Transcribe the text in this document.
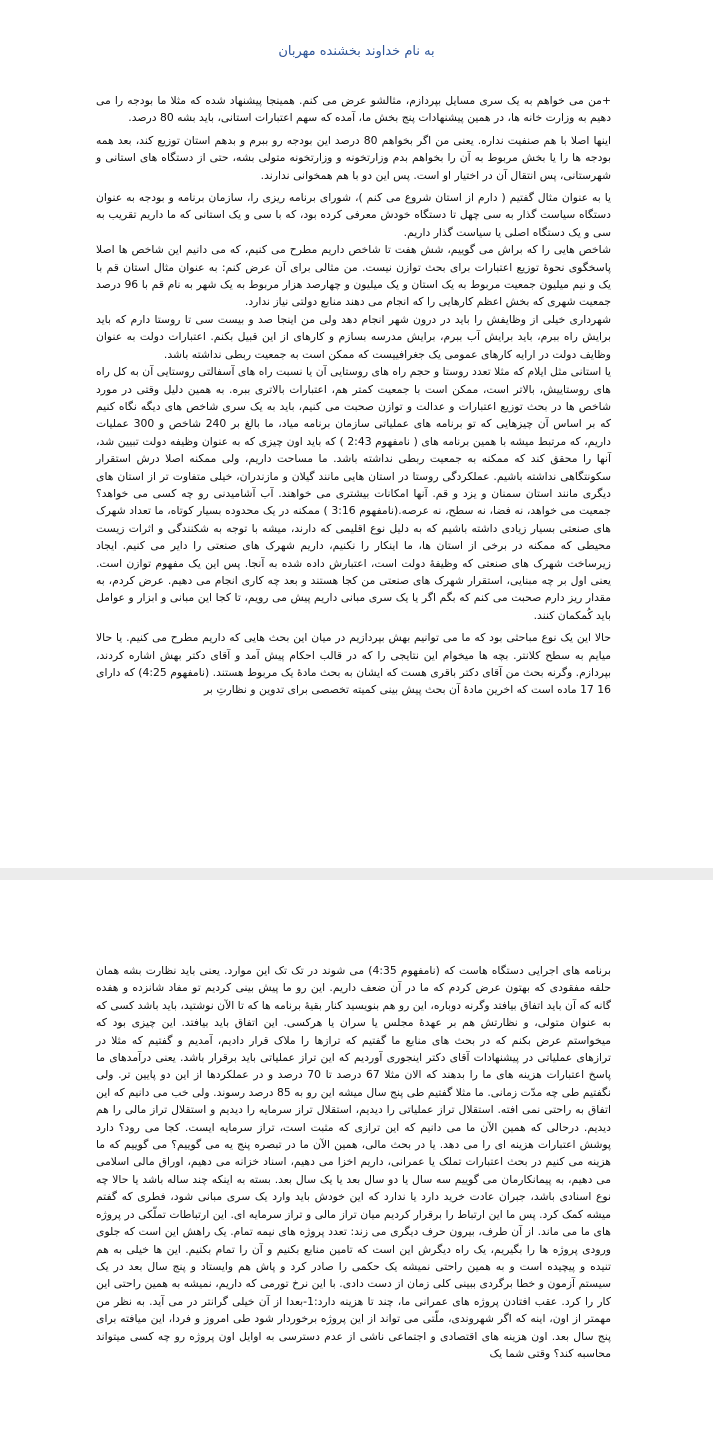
به نام خداوند بخشنده مهربان

+من می خواهم به یک سری مسایل بپردازم، مثالشو عرض می کنم. همینجا پیشنهاد شده که مثلا ما بودجه را می دهیم به وزارت خانه ها، در همین پیشنهادات پنج بخش ما، آمده که سهم اعتبارات استانی، باید بشه 80 درصد.

اینها اصلا با هم صنفیت نداره. یعنی من اگر بخواهم 80 درصد این بودجه رو ببرم و بدهم استان توزیع کند، بعد همه بودجه ها را یا بخش مربوط به آن را بخواهم بدم وزارتخونه و وزارتخونه متولی بشه، حتی از دستگاه های استانی و شهرستانی، پس انتقال آن در اختیار او است. پس این دو با هم همخوانی ندارند.

یا به عنوان مثال گفتیم ( دارم از استان شروع می کنم )، شورای برنامه ریزی را، سازمان برنامه و بودجه به عنوان دستگاه سیاست گذار به سی چهل تا دستگاه خودش معرفی کرده بود، که با سی و یک استانی که ما داریم تقریب به سی و یک دستگاه اصلی یا سیاست گذار داریم.

شاخص هایی را که براش می گوییم، شش هفت تا شاخص داریم مطرح می کنیم، که می دانیم این شاخص ها اصلا پاسخگوی نحوهٔ توزیع اعتبارات برای بحث توازن نیست. من مثالی برای آن عرض کنم: به عنوان مثال استان قم با یک و نیم میلیون جمعیت مربوط به یک استان و یک میلیون و چهارصد هزار مربوط به یک شهر به نام قم با 96 درصد جمعیت شهری که بخش اعظم کارهایی را که انجام می دهند منابع دولتی نیاز ندارد.

شهرداری خیلی از وظایفش را باید در درون شهر انجام دهد ولی من اینجا صد و بیست سی تا روستا دارم که باید برایش راه ببرم، باید برایش آب ببرم، برایش مدرسه بسازم و کارهای از این قبیل بکنم. اعتبارات دولت به عنوان وظایف دولت در ارایه کارهای عمومی یک جغرافییست که ممکن است به جمعیت ربطی نداشته باشد.

یا استانی مثل ایلام که مثلا تعدد روستا و حجم راه های روستایی آن یا نسبت راه های آسفالتی روستایی آن به کل راه های روستاییش، بالاتر است، ممکن است با جمعیت کمتر هم، اعتبارات بالاتری ببره. به همین دلیل وقتی در مورد شاخص ها در بحث توزیع اعتبارات و عدالت و توازن صحبت می کنیم، باید به یک سری شاخص های دیگه نگاه کنیم که بر اساس آن چیزهایی که تو برنامه های عملیاتی سازمان برنامه میاد، ما بالغ بر 240 شاخص و 300 عملیات داریم، که مرتبط میشه با همین برنامه های ( نامفهوم 2:43 ) که باید اون چیزی که به عنوان وظیفه دولت تبیین شد، آنها را محقق کند که ممکنه به جمعیت ربطی نداشته باشد. ما مساحت داریم، ولی ممکنه اصلا درش استقرار سکونتگاهی نداشته باشیم. عملکردگی روستا در استان هایی مانند گیلان و مازندران، خیلی متفاوت تر از استان های دیگری مانند استان سمنان و یزد و قم. آنها امکانات بیشتری می خواهند. آب آشامیدنی رو چه کسی می خواهد؟ جمعیت می خواهد، نه فضا، نه سطح، نه عرصه.(نامفهوم 3:16 ) ممکنه در یک محدوده بسیار کوتاه، ما تعداد شهرک های صنعتی بسیار زیادی داشته باشیم که به دلیل نوع اقلیمی که دارند، میشه با توجه به شکنندگی و اثرات زیست محیطی که ممکنه در برخی از استان ها، ما اینکار را نکنیم، داریم شهرک های صنعتی را دایر می کنیم. ایجاد زیرساخت شهرک های صنعتی که وظیفهٔ دولت است، اعتبارش داده شده به آنجا. پس این یک مفهوم توازن است. یعنی اول بر چه مبنایی، استقرار شهرک های صنعتی من کجا هستند و بعد چه کاری انجام می دهیم. عرض کردم، به مقدار ریز دارم صحبت می کنم که بگم اگر یا یک سری مبانی داریم پیش می رویم، تا کجا این مبانی و ابزار و عوامل باید کُمکمان کنند.

حالا این یک نوع مباحثی بود که ما می توانیم بهش بپردازیم در میان این بحث هایی که داریم مطرح می کنیم. یا حالا میایم به سطح کلانتر. بچه ها میخوام این نتایجی را که در قالب احکام پیش آمد و آقای دکتر بهش اشاره کردند، بپردازم. وگرنه بحث من آقای دکتر باقری هست که ایشان به بحث مادهٔ یک مربوط هستند. (نامفهوم 4:25) که دارای 16 17 ماده است که اخرین مادهٔ آن بحث پیش بینی کمیته تخصصی برای تدوین و نظارتِ بر

برنامه های اجرایی دستگاه هاست که (نامفهوم 4:35) می شوند در تک تک این موارد. یعنی باید نظارت بشه همان حلقه مفقودی که بهتون عرض کردم که ما در آن ضعف داریم. این رو ما پیش بینی کردیم تو مفاد شانزده و هفده گانه که آن باید اتفاق بیافتد وگرنه دوباره، این رو هم بنویسید کنار بقیهٔ برنامه ها که تا الآن نوشتید، باید باشد کسی که به عنوان متولی، و نظارتش هم بر عهدهٔ مجلس یا سران یا هرکسی. این اتفاق باید بیافتد. این چیزی بود که میخواستم عرض بکنم که در بحث های منابع ما گفتیم که ترازها را ملاک قرار دادیم، آمدیم و گفتیم که مثلا در ترازهای عملیاتی در پیشنهادات آقای دکتر اینجوری آوردیم که این تراز عملیاتی باید برقرار باشد. یعنی درآمدهای ما پاسخ اعتبارات هزینه های ما را بدهند که الان مثلا 67 درصد تا 70 درصد و در عملکردها از این دو پایین تر. ولی نگفتیم طی چه مدّت زمانی. ما مثلا گفتیم طی پنج سال میشه این رو به 85 درصد رسوند. ولی خب می دانیم که این اتفاق به راحتی نمی افته. استقلال تراز عملیاتی را دیدیم، استقلال تراز سرمایه را دیدیم و استقلال تراز مالی را هم دیدیم. درحالی که همین الآن ما می دانیم که این ترازی که مثبت است، تراز سرمایه ایست. کجا می رود؟ دارد پوشش اعتبارات هزینه ای را می دهد. یا در بحث مالی، همین الآن ما در تبصره پنج یه می گوییم؟ می گوییم که ما هزینه می کنیم در بحث اعتبارات تملک یا عمرانی، داریم اخزا می دهیم، اسناد خزانه می دهیم، اوراق مالی اسلامی می دهیم، به پیمانکارمان می گوییم سه سال یا دو سال بعد یا یک سال بعد. بسته به اینکه چند ساله باشد یا حالا چه نوع اسنادی باشد، جبران عادت خرید دارد یا ندارد که این خودش باید وارد یک سری مبانی شود، فطری که گفتم میشه کمک کرد. پس ما این ارتباط را برقرار کردیم میان تراز مالی و تراز سرمایه ای. این ارتباطات تملّکی در پروژه های ما می ماند. از آن طرف، بیرون حرف دیگری می زند: تعدد پروژه های نیمه تمام. یک راهش این است که جلوی ورودی پروژه ها را بگیریم، یک راه دیگرش این است که تامین منابع بکنیم و آن را تمام بکنیم. این ها خیلی به هم تنیده و پیچیده است و به همین راحتی نمیشه یک حکمی را صادر کرد و پاش هم وایستاد و پنج سال بعد در یک سیستم آزمون و خطا برگردی ببینی کلی زمان از دست دادی. با این نرخ تورمی که داریم، نمیشه به همین راحتی این کار را کرد. عقب افتادن پروژه های عمرانی ما، چند تا هزینه دارد:1-بعدا از آن خیلی گرانتر در می آید. به نظر من مهمتر از اون، اینه که اگر شهروندی، ملّتی می تواند از این پروژه برخوردار شود طی امروز و فردا، این میافته برای پنج سال بعد. اون هزینه های اقتصادی و اجتماعی ناشی از عدم دسترسی به اوایل اون پروژه رو چه کسی میتواند محاسبه کند؟ وقتی شما یک
